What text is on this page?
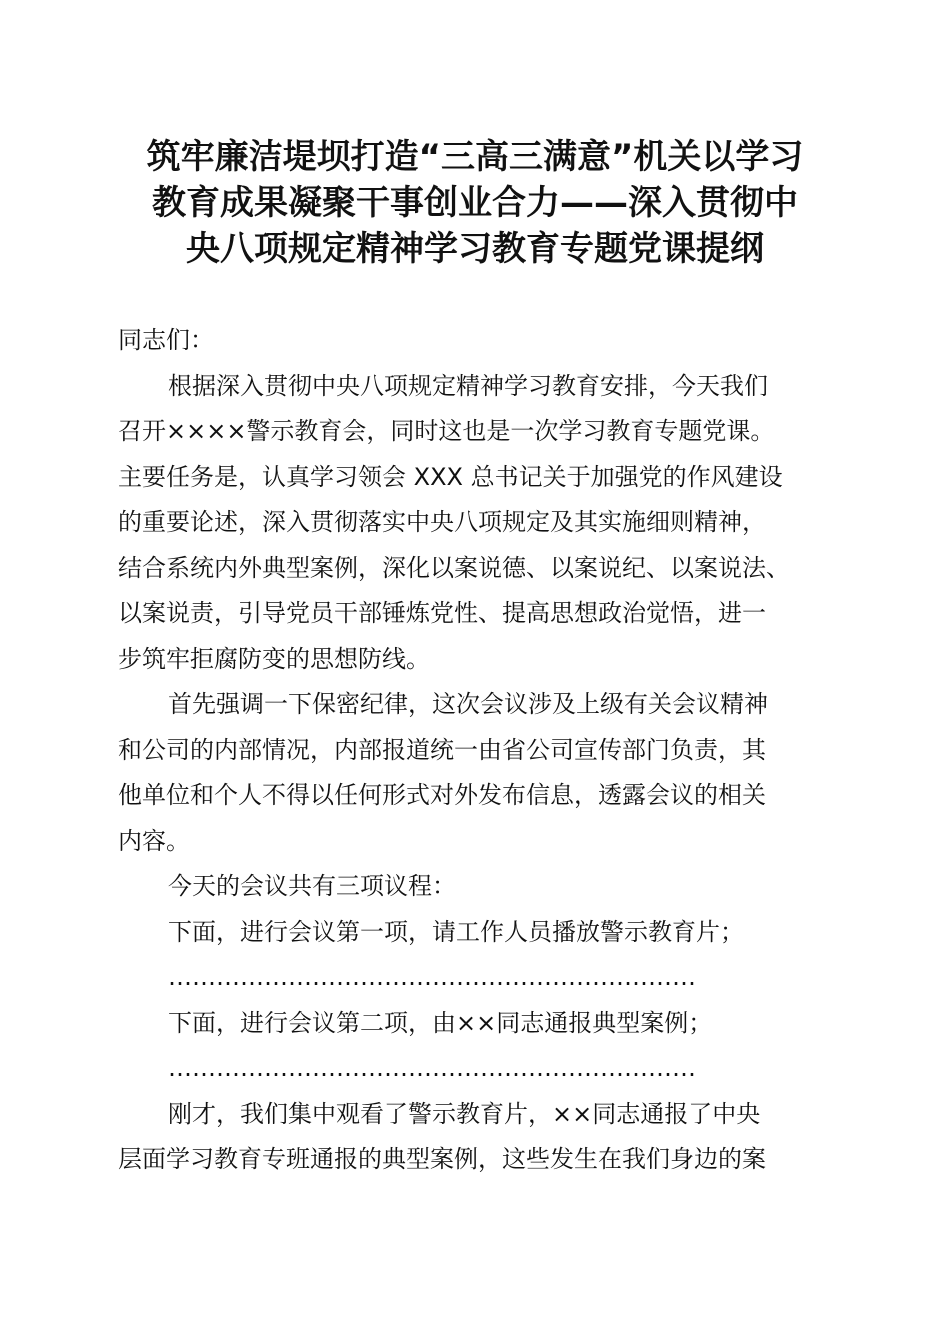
筑牢廉洁堤坝打造“三高三满意”机关以学习
教育成果凝聚干事创业合力——深入贯彻中
央八项规定精神学习教育专题党课提纲
同志们：
根据深入贯彻中央八项规定精神学习教育安排，今天我们
召开××××警示教育会，同时这也是一次学习教育专题党课。
主要任务是，认真学习领会 XXX 总书记关于加强党的作风建设
的重要论述，深入贯彻落实中央八项规定及其实施细则精神，
结合系统内外典型案例，深化以案说德、以案说纪、以案说法、
以案说责，引导党员干部锤炼党性、提高思想政治觉悟，进一
步筑牢拒腐防变的思想防线。
首先强调一下保密纪律，这次会议涉及上级有关会议精神
和公司的内部情况，内部报道统一由省公司宣传部门负责，其
他单位和个人不得以任何形式对外发布信息，透露会议的相关
内容。
今天的会议共有三项议程：
下面，进行会议第一项，请工作人员播放警示教育片；
…………………………………………………………
下面，进行会议第二项，由××同志通报典型案例；
…………………………………………………………
刚才，我们集中观看了警示教育片，××同志通报了中央
层面学习教育专班通报的典型案例，这些发生在我们身边的案
